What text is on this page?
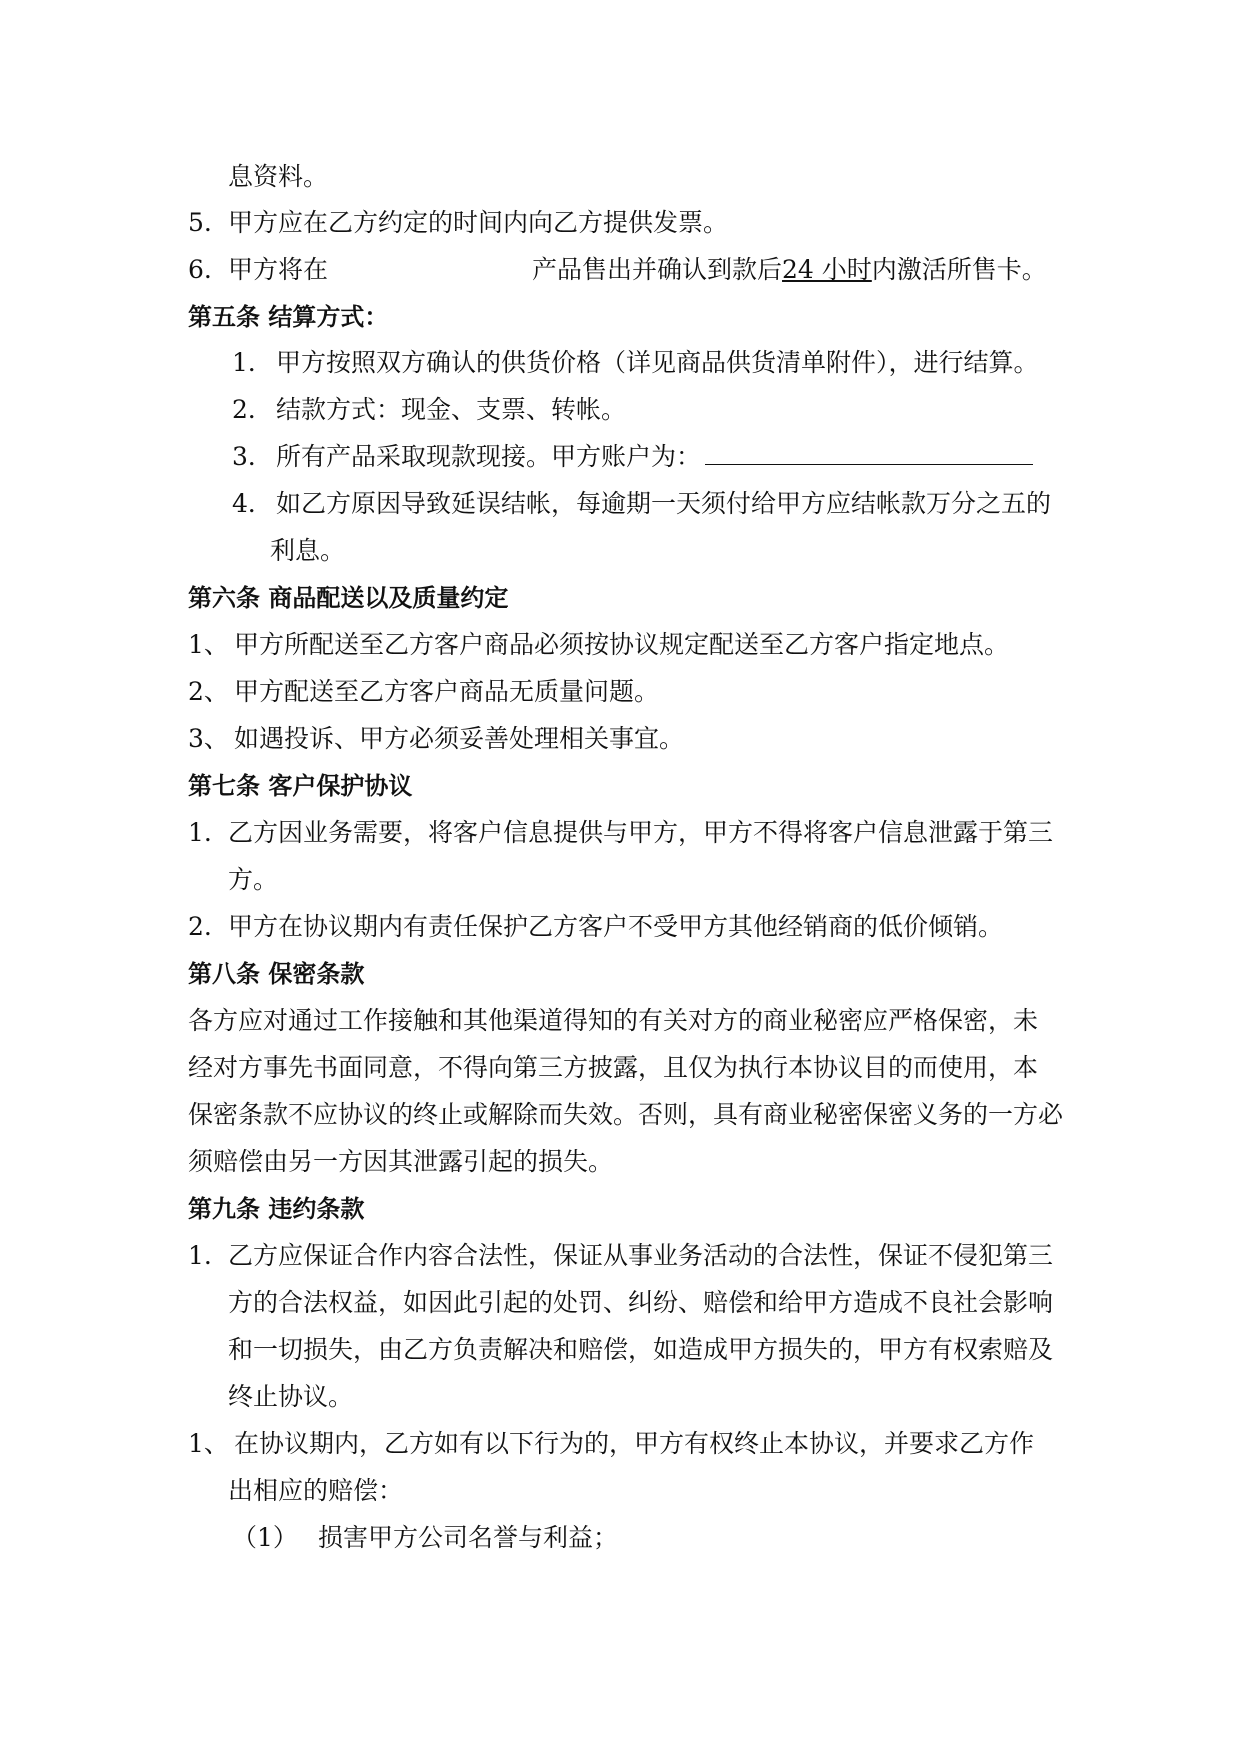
息资料。
5. 甲方应在乙方约定的时间内向乙方提供发票。
6. 甲方将在	产品售出并确认到款后24 小时内激活所售卡。
第五条 结算方式：
1． 甲方按照双方确认的供货价格（详见商品供货清单附件），进行结算。
2． 结款方式：现金、支票、转帐。
3． 所有产品采取现款现接。甲方账户为：
4． 如乙方原因导致延误结帐，每逾期一天须付给甲方应结帐款万分之五的
利息。
第六条 商品配送以及质量约定
1、 甲方所配送至乙方客户商品必须按协议规定配送至乙方客户指定地点。
2、 甲方配送至乙方客户商品无质量问题。
3、 如遇投诉、甲方必须妥善处理相关事宜。
第七条 客户保护协议
1. 乙方因业务需要，将客户信息提供与甲方，甲方不得将客户信息泄露于第三
方。
2. 甲方在协议期内有责任保护乙方客户不受甲方其他经销商的低价倾销。
第八条 保密条款
各方应对通过工作接触和其他渠道得知的有关对方的商业秘密应严格保密，未
经对方事先书面同意，不得向第三方披露，且仅为执行本协议目的而使用，本
保密条款不应协议的终止或解除而失效。否则，具有商业秘密保密义务的一方必
须赔偿由另一方因其泄露引起的损失。
第九条 违约条款
1. 乙方应保证合作内容合法性，保证从事业务活动的合法性，保证不侵犯第三
方的合法权益，如因此引起的处罚、纠纷、赔偿和给甲方造成不良社会影响
和一切损失，由乙方负责解决和赔偿，如造成甲方损失的，甲方有权索赔及
终止协议。
1、 在协议期内，乙方如有以下行为的，甲方有权终止本协议，并要求乙方作
出相应的赔偿：
（1） 损害甲方公司名誉与利益；
